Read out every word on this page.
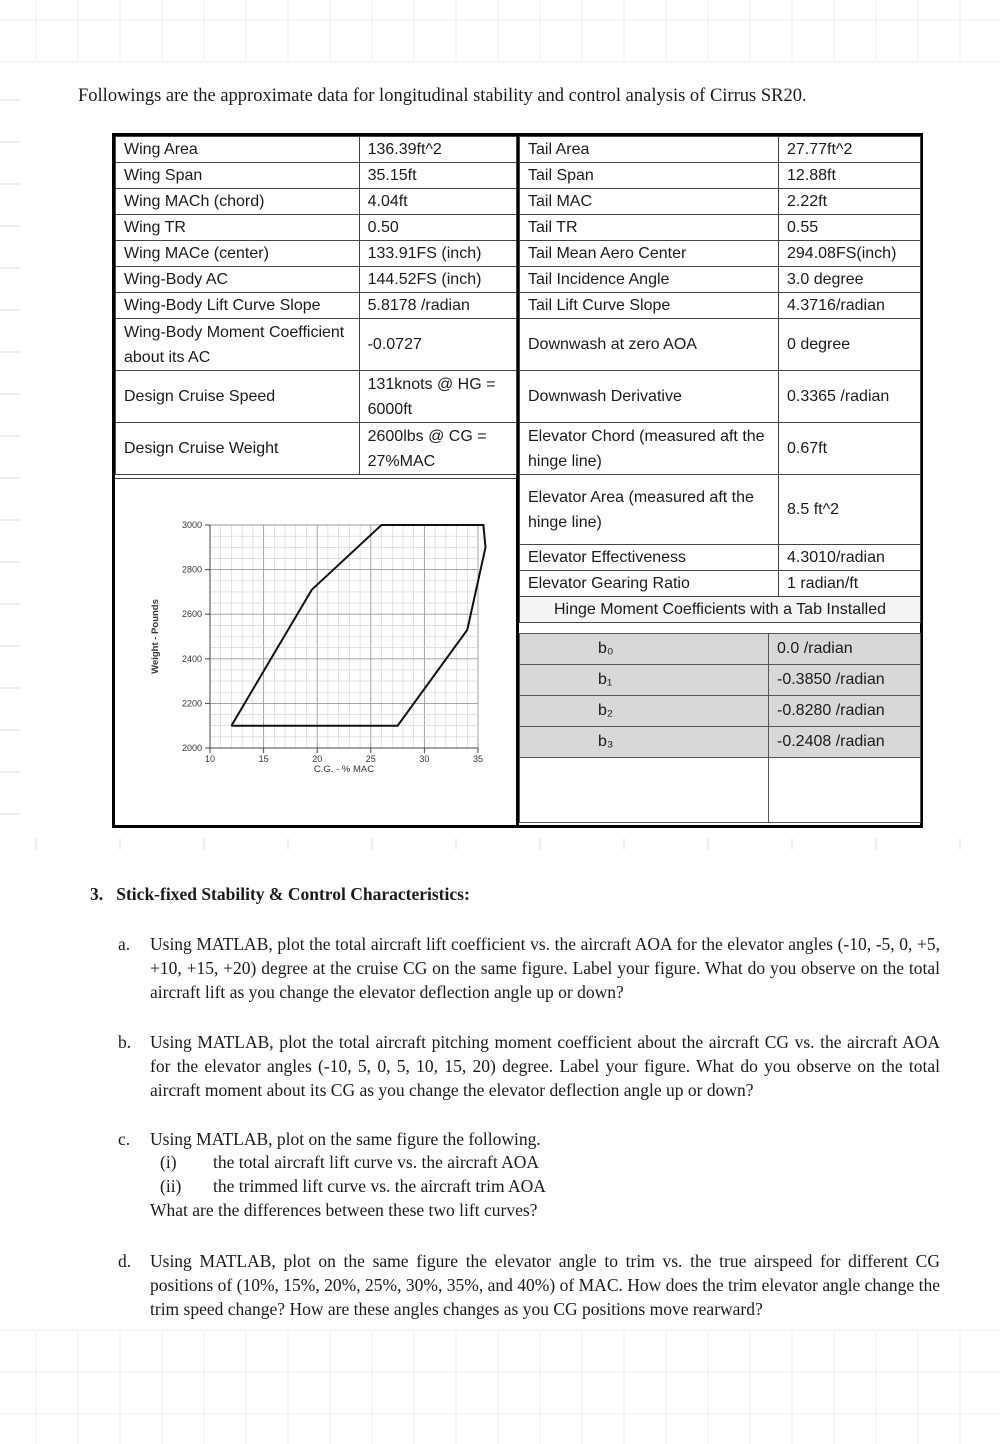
Followings are the approximate data for longitudinal stability and control analysis of Cirrus SR20.
Wing Area	136.39ft^2
Wing Span	35.15ft
Wing MACh (chord)	4.04ft
Wing TR	0.50
Wing MACe (center)	133.91FS (inch)
Wing-Body AC	144.52FS (inch)
Wing-Body Lift Curve Slope	5.8178 /radian
Wing-Body Moment Coefficient about its AC	-0.0727
Design Cruise Speed	131knots @ HG = 6000ft
Design Cruise Weight	2600lbs @ CG = 27%MAC
Tail Area	27.77ft^2
Tail Span	12.88ft
Tail MAC	2.22ft
Tail TR	0.55
Tail Mean Aero Center	294.08FS(inch)
Tail Incidence Angle	3.0 degree
Tail Lift Curve Slope	4.3716/radian
Downwash at zero AOA	0 degree
Downwash Derivative	0.3365 /radian
Elevator Chord (measured aft the hinge line)	0.67ft
Elevator Area (measured aft the hinge line)	8.5 ft^2
Elevator Effectiveness	4.3010/radian
Elevator Gearing Ratio	1 radian/ft
Hinge Moment Coefficients with a Tab Installed	
b₀	0.0 /radian
b₁	-0.3850 /radian
b₂	-0.8280 /radian
b₃	-0.2408 /radian

2000
2200
2400
2600
2800
3000
10	15	20	25	30	35
C.G. - % MAC
Weight - Pounds
3. Stick-fixed Stability & Control Characteristics:
a. Using MATLAB, plot the total aircraft lift coefficient vs. the aircraft AOA for the elevator angles (-10, -5, 0, +5, +10, +15, +20) degree at the cruise CG on the same figure. Label your figure. What do you observe on the total aircraft lift as you change the elevator deflection angle up or down?
b. Using MATLAB, plot the total aircraft pitching moment coefficient about the aircraft CG vs. the aircraft AOA for the elevator angles (-10, 5, 0, 5, 10, 15, 20) degree. Label your figure. What do you observe on the total aircraft moment about its CG as you change the elevator deflection angle up or down?
c. Using MATLAB, plot on the same figure the following.
(i) the total aircraft lift curve vs. the aircraft AOA
(ii) the trimmed lift curve vs. the aircraft trim AOA
What are the differences between these two lift curves?
d. Using MATLAB, plot on the same figure the elevator angle to trim vs. the true airspeed for different CG positions of (10%, 15%, 20%, 25%, 30%, 35%, and 40%) of MAC. How does the trim elevator angle change the trim speed change? How are these angles changes as you CG positions move rearward?
